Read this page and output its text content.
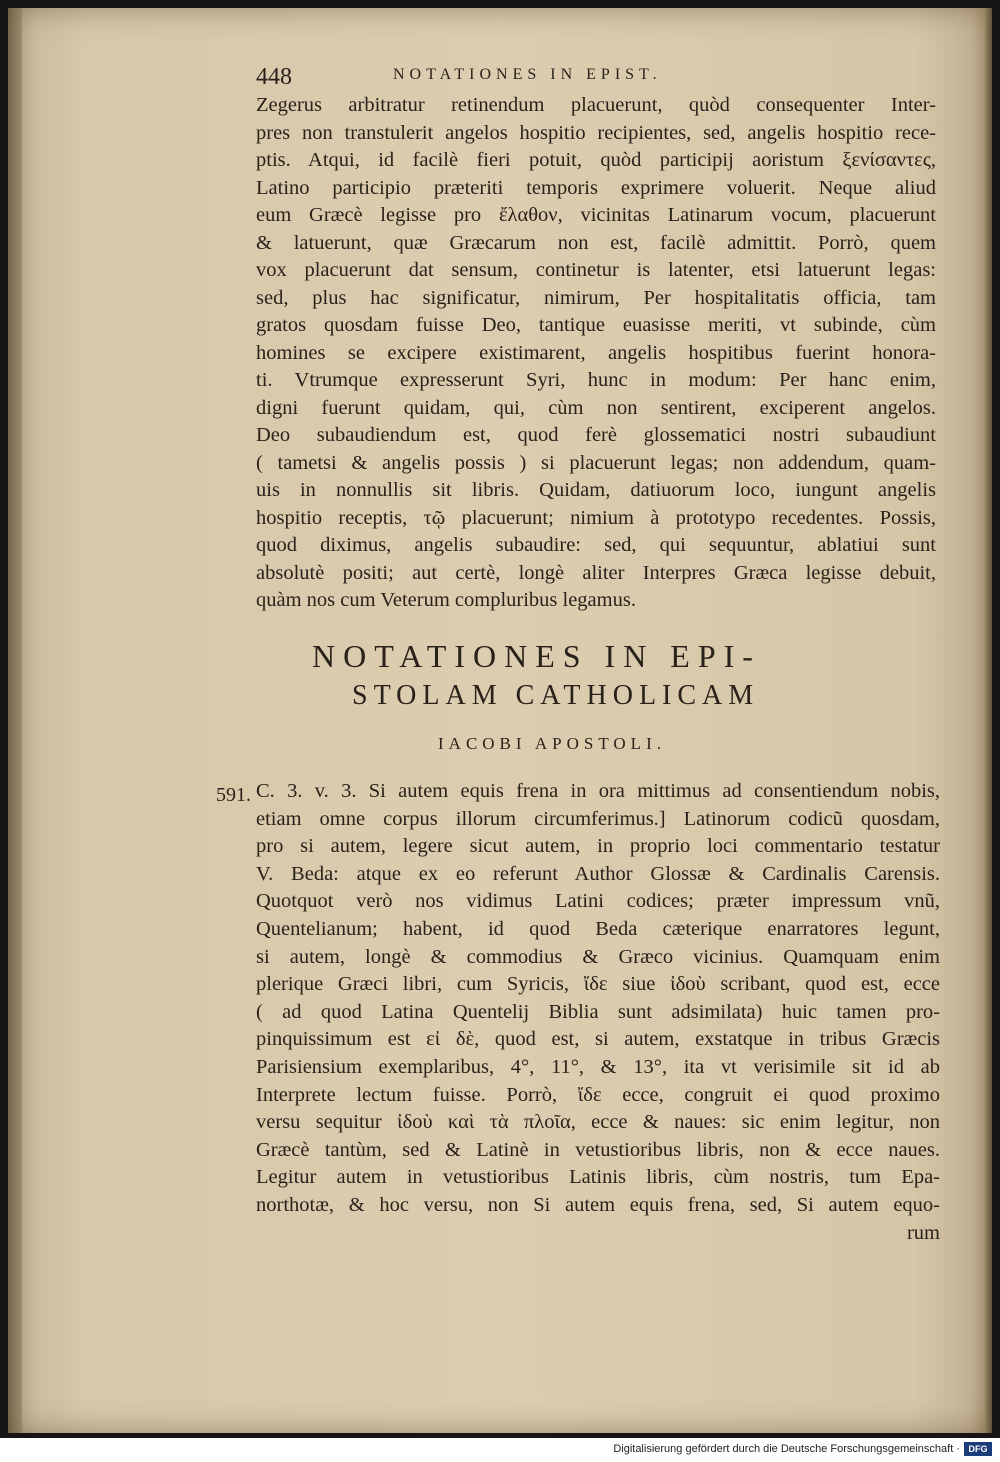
448	NOTATIONES IN EPIST.
Zegerus arbitratur retinendum placuerunt, quòd consequenter Inter-
pres non transtulerit angelos hospitio recipientes, sed, angelis hospitio rece-
ptis. Atqui, id facilè fieri potuit, quòd participij aoristum ξενίσαντες,
Latino participio præteriti temporis exprimere voluerit. Neque aliud
eum Græcè legisse pro ἔλαθον, vicinitas Latinarum vocum, placuerunt
& latuerunt, quæ Græcarum non est, facilè admittit. Porrò, quem
vox placuerunt dat sensum, continetur is latenter, etsi latuerunt legas:
sed, plus hac significatur, nimirum, Per hospitalitatis officia, tam
gratos quosdam fuisse Deo, tantique euasisse meriti, vt subinde, cùm
homines se excipere existimarent, angelis hospitibus fuerint honora-
ti. Vtrumque expresserunt Syri, hunc in modum: Per hanc enim,
digni fuerunt quidam, qui, cùm non sentirent, exciperent angelos.
Deo subaudiendum est, quod ferè glossematici nostri subaudiunt
( tametsi & angelis possis ) si placuerunt legas; non addendum, quam-
uis in nonnullis sit libris. Quidam, datiuorum loco, iungunt angelis
hospitio receptis, τῷ placuerunt; nimium à prototypo recedentes. Possis,
quod diximus, angelis subaudire: sed, qui sequuntur, ablatiui sunt
absolutè positi; aut certè, longè aliter Interpres Græca legisse debuit,
quàm nos cum Veterum compluribus legamus.
NOTATIONES IN EPI-
STOLAM CATHOLICAM
IACOBI APOSTOLI.
591. C. 3. v. 3. Si autem equis frena in ora mittimus ad consentiendum nobis,
etiam omne corpus illorum circumferimus.] Latinorum codicũ quosdam,
pro si autem, legere sicut autem, in proprio loci commentario testatur
V. Beda: atque ex eo referunt Author Glossæ & Cardinalis Carensis.
Quotquot verò nos vidimus Latini codices; præter impressum vnũ,
Quentelianum; habent, id quod Beda cæterique enarratores legunt,
si autem, longè & commodius & Græco vicinius. Quamquam enim
plerique Græci libri, cum Syricis, ἴδε siue ἰδοὺ scribant, quod est, ecce
( ad quod Latina Quentelij Biblia sunt adsimilata) huic tamen pro-
pinquissimum est εἰ δὲ, quod est, si autem, exstatque in tribus Græcis
Parisiensium exemplaribus, 4°, 11°, & 13°, ita vt verisimile sit id ab
Interprete lectum fuisse. Porrò, ἴδε ecce, congruit ei quod proximo
versu sequitur ἰδοὺ καὶ τὰ πλοῖα, ecce & naues: sic enim legitur, non
Græcè tantùm, sed & Latinè in vetustioribus libris, non & ecce naues.
Legitur autem in vetustioribus Latinis libris, cùm nostris, tum Epa-
northotæ, & hoc versu, non Si autem equis frena, sed, Si autem equo-
rum
Digitalisierung gefördert durch die Deutsche Forschungsgemeinschaft · DFG
